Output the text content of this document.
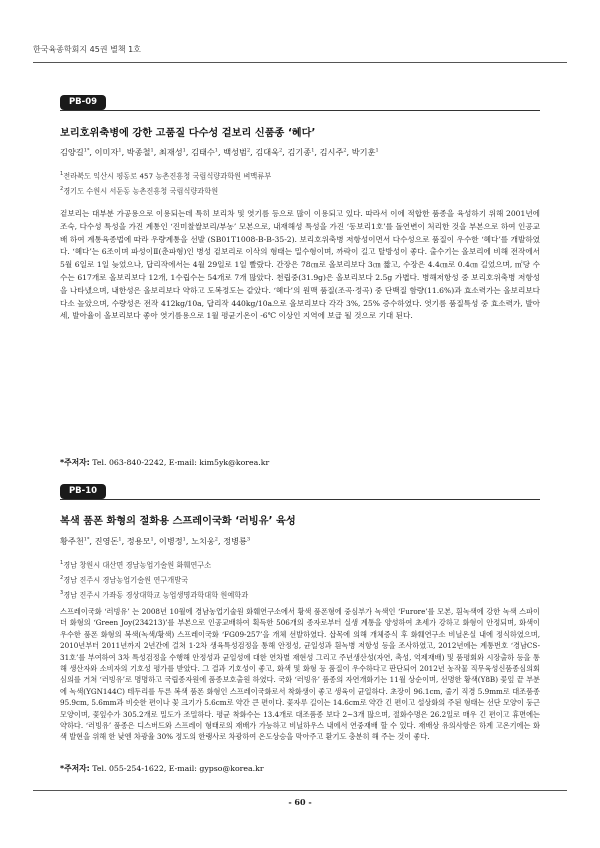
한국육종학회지 45권 별책 1호
PB-09
보리호위축병에 강한 고품질 다수성 겉보리 신품종 ‘혜다’
김양길$^{1*}$, 이미자$^1$, 박종철$^1$, 최재성$^1$, 김태수$^1$, 백성범$^2$, 김대욱$^2$, 김기종$^1$, 김시주$^2$, 박기훈$^1$
$^1$전라북도 익산시 평동로 457 농촌진흥청 국립식량과학원 벼맥류부
$^2$경기도 수원시 서둔동 농촌진흥청 국립식량과학원
겉보리는 대부분 가공용으로 이용되는데 특히 보리차 및 엿기름 등으로 많이 이용되고 있다. 따라서 이에 적합한 품종을 육성하기 위해 2001년에 조숙, 다수성 특성을 가진 계통인 ‘진미찰쌀보리/부농’ 모본으로, 내재해성 특성을 가진 ‘동보리1호’를 돌연변이 처리한 것을 부본으로 하여 인공교배 하여 계통육종법에 따라 우량계통을 선발 (SB01T1008-B-B-35-2). 보리호위축병 저항성이면서 다수성으로 품질이 우수한 ‘혜다’를 개발하였다. ‘혜다’는 6조이며 파성이Ⅱ(춘파형)인 병성 겉보리로 이삭의 형태는 밀수형이며, 까락이 길고 탈방성이 좋다. 출수기는 올보리에 비해 전작에서 5월 6일로 1일 늦었으나, 답리작에서는 4월 29일로 1일 빨랐다. 간장은 78㎝로 올보리보다 3㎝ 짧고, 수장은 4.4㎝로 0.4㎝ 길었으며, ㎡당 수수는 617개로 올보리보다 12개, 1수립수는 54개로 7개 많았다. 천립중(31.9g)은 올보리보다 2.5g 가볍다. 병해저항성 중 보리호위축병 저항성을 나타냈으며, 내한성은 올보리보다 약하고 도복정도는 같았다. ‘혜다’의 원맥 품질(조곡·정곡) 중 단백질 함량(11.6%)과 효소력가는 올보리보다 다소 높았으며, 수량성은 전작 412kg/10a, 답리작 440kg/10a으로 올보리보다 각각 3%, 25% 증수하였다. 엿기름 품질특성 중 효소력가, 발아세, 발아율이 올보리보다 좋아 엿기름용으로 1월 평균기온이 -6℃ 이상인 지역에 보급 될 것으로 기대 된다.
*주저자: Tel. 063-840-2242, E-mail: kim5yk@korea.kr
PB-10
복색 품폰 화형의 절화용 스프레이국화 ‘러빙유’ 육성
황주천$^{1*}$, 진영돈$^1$, 정용모$^1$, 이병정$^1$, 노치웅$^2$, 정병룡$^3$
$^1$경남 창원시 대산면 경남농업기술원 화훼연구소
$^2$경남 진주시 경남농업기술원 연구개발국
$^3$경남 진주시 가좌동 경상대학교 농업생명과학대학 원예학과
스프레이국화 ‘러빙유’ 는 2008년 10월에 경남농업기술원 화훼연구소에서 황색 품폰형에 중심부가 녹색인 ‘Furore’를 모본, 흰녹색에 강한 녹색 스파이더 화형의 ‘Green Joy(234213)’를 부본으로 인공교배하여 획득한 506개의 종자로부터 실생 계통을 양성하여 초세가 강하고 화형이 안정되며, 화색이 우수한 품폰 화형의 복색(녹색/황색) 스프레이국화 ‘FG09-257’을 개체 선발하였다. 삽목에 의해 개체증식 후 화훼연구소 비닐온실 내에 정식하였으며, 2010년부터 2011년까지 2년간에 걸쳐 1·2차 생육특성검정을 통해 안정성, 균일성과 흰녹병 저항성 등을 조사하였고, 2012년에는 계통번호 ‘경남CS-31호’를 부여하여 3차 특성검정을 수행해 안정성과 균일성에 대한 연차별 재현성 그리고 주년생산성(자연, 촉성, 억제재배) 및 품평회와 시장출하 등을 통해 생산자와 소비자의 기호성 평가를 받았다. 그 결과 기호성이 좋고, 화색 및 화형 등 품질이 우수하다고 판단되어 2012년 농작물 직무육성신품종심의회 심의를 거쳐 ‘러빙유’로 명명하고 국립종자원에 품종보호출원 하였다. 국화 ‘러빙유’ 품종의 자연개화기는 11월 상순이며, 선명한 황색(Y8B) 꽃잎 끝 부분에 녹색(YGN144C) 테두리를 두른 복색 품폰 화형인 스프레이국화로서 착화생이 좋고 생육이 균일하다. 초장이 96.1cm, 줄기 직경 5.9mm로 대조품종 95.9cm, 5.6mm과 비슷한 편이나 꽃 크기가 5.6cm로 약간 큰 편이다. 꽃자루 길이는 14.6cm로 약간 긴 편이고 설상화의 주된 형태는 선단 모양이 둥근 모양이며, 꽃잎수가 305.2개로 밀도가 조밀하다. 평균 착화수는 13.4개로 대조품종 보다 2~3개 많으며, 절화수명은 26.2일로 매우 긴 편이고 휴면에는 약하다. ‘러빙유’ 품종은 디스버드와 스프레이 형태로의 재배가 가능하고 비닐하우스 내에서 연중재배 할 수 있다. 재배상 유의사항은 하계 고온기에는 화색 발현을 위해 한 낮엔 차광율 30% 정도의 한랭사로 차광하여 온도상승을 막아주고 환기도 충분히 해 주는 것이 좋다.
*주저자: Tel. 055-254-1622, E-mail: gypso@korea.kr
- 60 -
